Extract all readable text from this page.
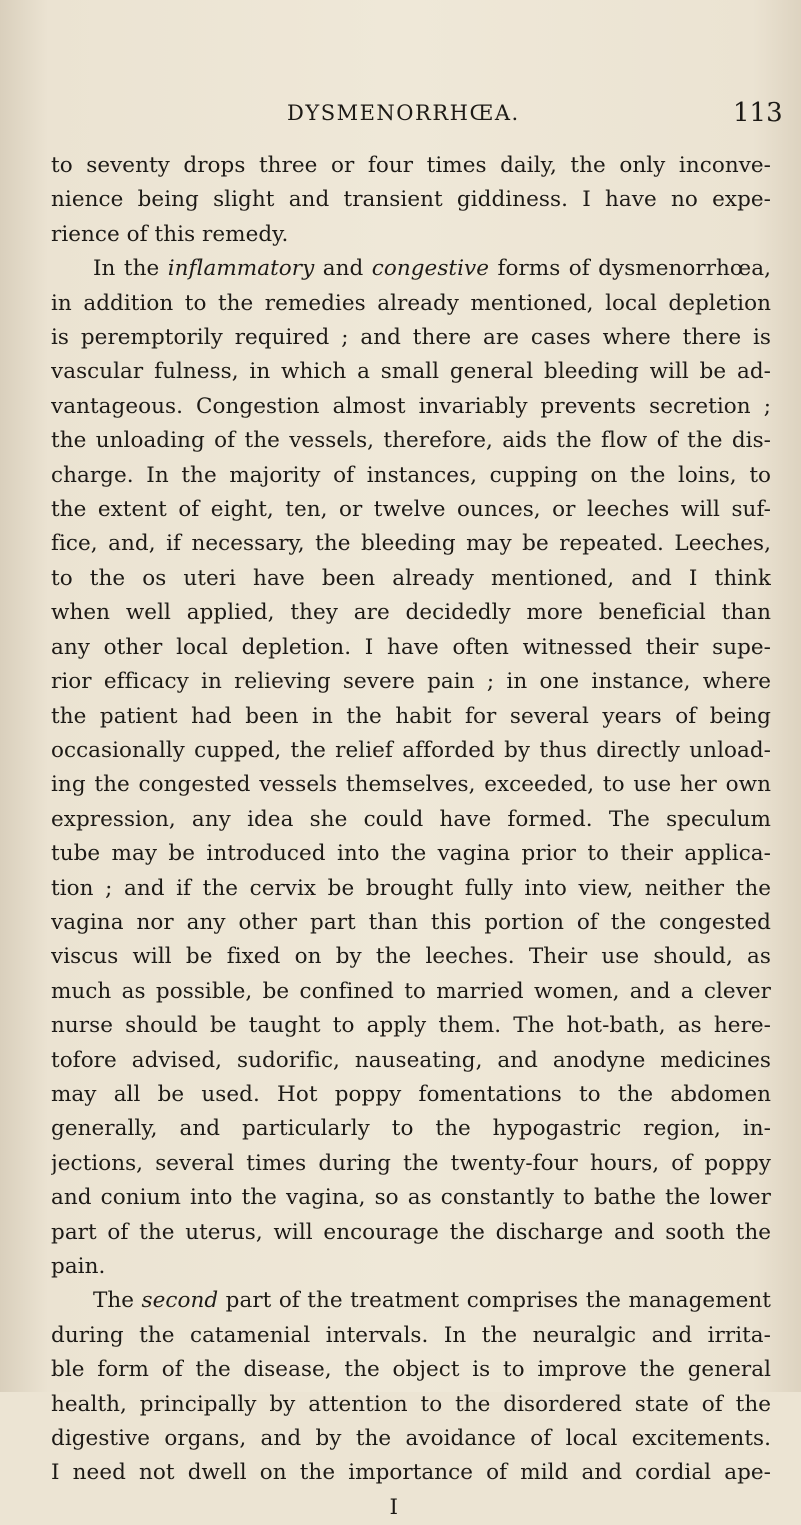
DYSMENORRHŒA.	113
to seventy drops three or four times daily, the only inconve-
nience being slight and transient giddiness. I have no expe-
rience of this remedy.
In the inflammatory and congestive forms of dysmenorrhœa,
in addition to the remedies already mentioned, local depletion
is peremptorily required ; and there are cases where there is
vascular fulness, in which a small general bleeding will be ad-
vantageous. Congestion almost invariably prevents secretion ;
the unloading of the vessels, therefore, aids the flow of the dis-
charge. In the majority of instances, cupping on the loins, to
the extent of eight, ten, or twelve ounces, or leeches will suf-
fice, and, if necessary, the bleeding may be repeated. Leeches,
to the os uteri have been already mentioned, and I think
when well applied, they are decidedly more beneficial than
any other local depletion. I have often witnessed their supe-
rior efficacy in relieving severe pain ; in one instance, where
the patient had been in the habit for several years of being
occasionally cupped, the relief afforded by thus directly unload-
ing the congested vessels themselves, exceeded, to use her own
expression, any idea she could have formed. The speculum
tube may be introduced into the vagina prior to their applica-
tion ; and if the cervix be brought fully into view, neither the
vagina nor any other part than this portion of the congested
viscus will be fixed on by the leeches. Their use should, as
much as possible, be confined to married women, and a clever
nurse should be taught to apply them. The hot-bath, as here-
tofore advised, sudorific, nauseating, and anodyne medicines
may all be used. Hot poppy fomentations to the abdomen
generally, and particularly to the hypogastric region, in-
jections, several times during the twenty-four hours, of poppy
and conium into the vagina, so as constantly to bathe the lower
part of the uterus, will encourage the discharge and sooth the
pain.
The second part of the treatment comprises the management
during the catamenial intervals. In the neuralgic and irrita-
ble form of the disease, the object is to improve the general
health, principally by attention to the disordered state of the
digestive organs, and by the avoidance of local excitements.
I need not dwell on the importance of mild and cordial ape-
I
